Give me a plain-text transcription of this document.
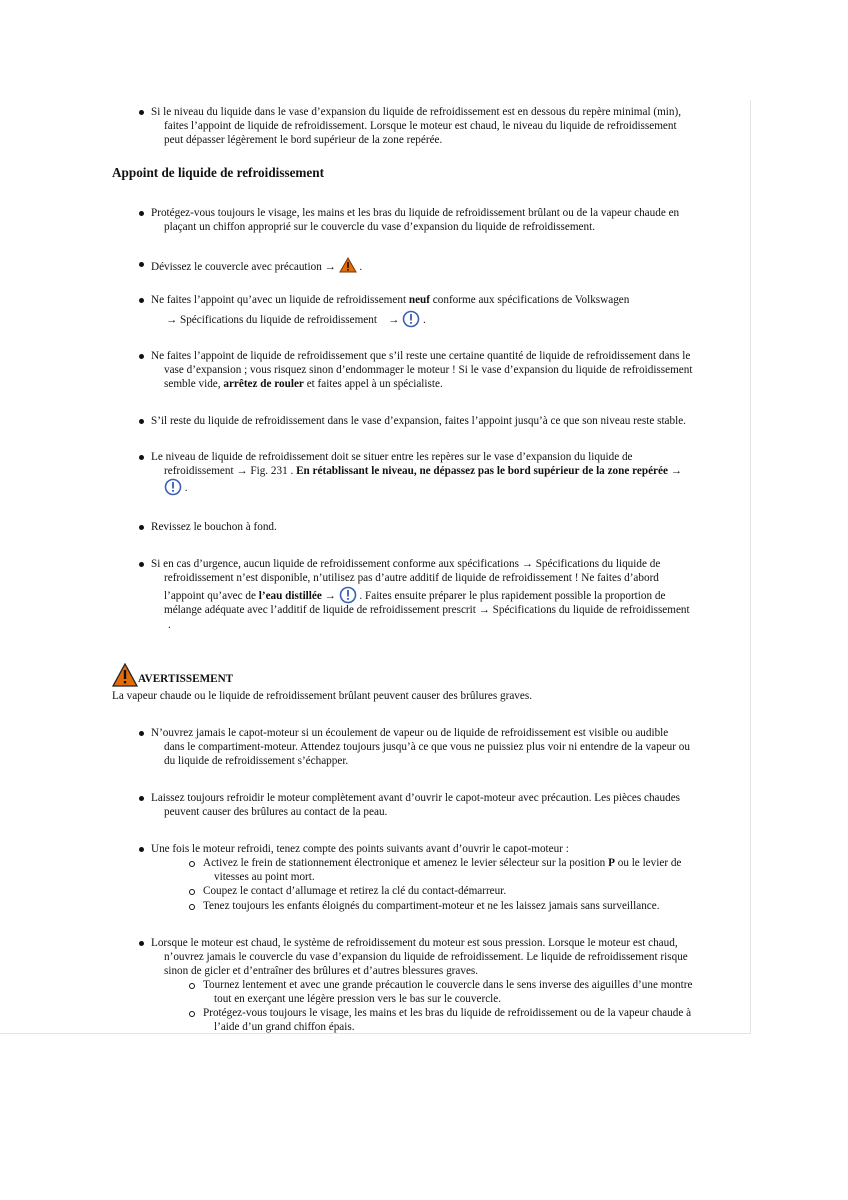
Si le niveau du liquide dans le vase d’expansion du liquide de refroidissement est en dessous du repère minimal (min),
faites l’appoint de liquide de refroidissement. Lorsque le moteur est chaud, le niveau du liquide de refroidissement
peut dépasser légèrement le bord supérieur de la zone repérée.
Appoint de liquide de refroidissement
Protégez-vous toujours le visage, les mains et les bras du liquide de refroidissement brûlant ou de la vapeur chaude en
plaçant un chiffon approprié sur le couvercle du vase d’expansion du liquide de refroidissement.
Dévissez le couvercle avec précaution → .
Ne faites l’appoint qu’avec un liquide de refroidissement neuf conforme aux spécifications de Volkswagen
→ Spécifications du liquide de refroidissement → .
Ne faites l’appoint de liquide de refroidissement que s’il reste une certaine quantité de liquide de refroidissement dans le
vase d’expansion ; vous risquez sinon d’endommager le moteur ! Si le vase d’expansion du liquide de refroidissement
semble vide, arrêtez de rouler et faites appel à un spécialiste.
S’il reste du liquide de refroidissement dans le vase d’expansion, faites l’appoint jusqu’à ce que son niveau reste stable.
Le niveau de liquide de refroidissement doit se situer entre les repères sur le vase d’expansion du liquide de
refroidissement → Fig. 231 . En rétablissant le niveau, ne dépassez pas le bord supérieur de la zone repérée →
.
Revissez le bouchon à fond.
Si en cas d’urgence, aucun liquide de refroidissement conforme aux spécifications → Spécifications du liquide de
refroidissement n’est disponible, n’utilisez pas d’autre additif de liquide de refroidissement ! Ne faites d’abord
l’appoint qu’avec de l’eau distillée → . Faites ensuite préparer le plus rapidement possible la proportion de
mélange adéquate avec l’additif de liquide de refroidissement prescrit → Spécifications du liquide de refroidissement
.
AVERTISSEMENT
La vapeur chaude ou le liquide de refroidissement brûlant peuvent causer des brûlures graves.
N’ouvrez jamais le capot-moteur si un écoulement de vapeur ou de liquide de refroidissement est visible ou audible
dans le compartiment-moteur. Attendez toujours jusqu’à ce que vous ne puissiez plus voir ni entendre de la vapeur ou
du liquide de refroidissement s’échapper.
Laissez toujours refroidir le moteur complètement avant d’ouvrir le capot-moteur avec précaution. Les pièces chaudes
peuvent causer des brûlures au contact de la peau.
Une fois le moteur refroidi, tenez compte des points suivants avant d’ouvrir le capot-moteur :
Activez le frein de stationnement électronique et amenez le levier sélecteur sur la position P ou le levier de
vitesses au point mort.
Coupez le contact d’allumage et retirez la clé du contact-démarreur.
Tenez toujours les enfants éloignés du compartiment-moteur et ne les laissez jamais sans surveillance.
Lorsque le moteur est chaud, le système de refroidissement du moteur est sous pression. Lorsque le moteur est chaud,
n’ouvrez jamais le couvercle du vase d’expansion du liquide de refroidissement. Le liquide de refroidissement risque
sinon de gicler et d’entraîner des brûlures et d’autres blessures graves.
Tournez lentement et avec une grande précaution le couvercle dans le sens inverse des aiguilles d’une montre
tout en exerçant une légère pression vers le bas sur le couvercle.
Protégez-vous toujours le visage, les mains et les bras du liquide de refroidissement ou de la vapeur chaude à
l’aide d’un grand chiffon épais.
